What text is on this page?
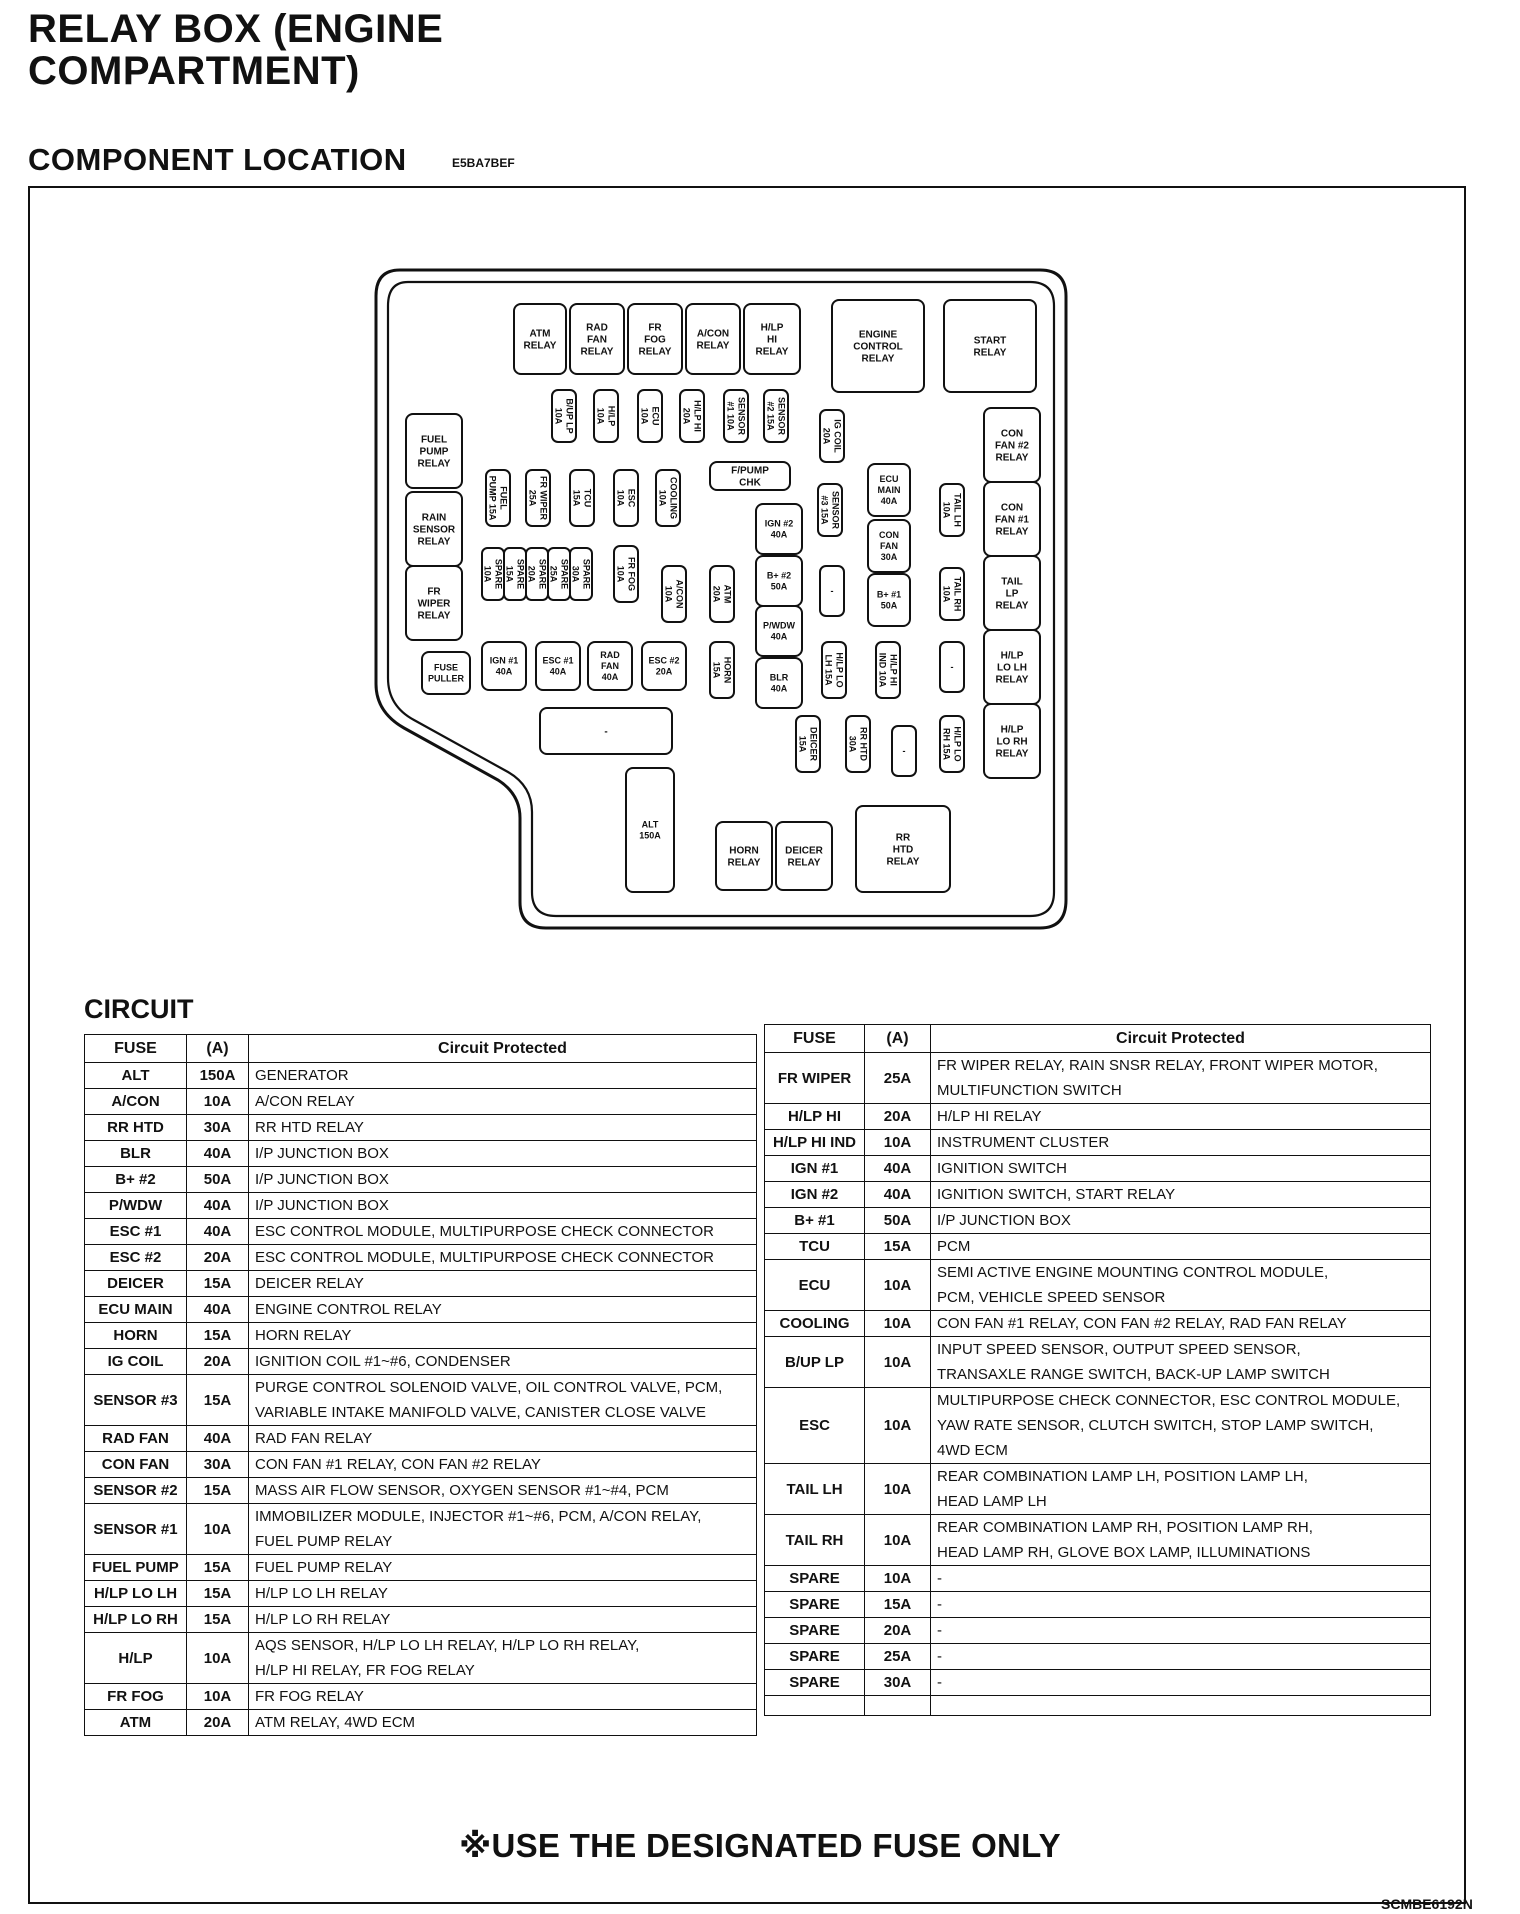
RELAY BOX (ENGINE
COMPARTMENT)
COMPONENT LOCATION	E5BA7BEF
ATM RELAY
RAD FAN RELAY
FR FOG RELAY
A/CON RELAY
H/LP HI RELAY
ENGINE CONTROL RELAY
START RELAY
FUEL PUMP RELAY
RAIN SENSOR RELAY
FR WIPER RELAY
FUSE PULLER
CON FAN #2 RELAY
CON FAN #1 RELAY
TAIL LP RELAY
H/LP LO LH RELAY
H/LP LO RH RELAY
HORN RELAY
DEICER RELAY
RR HTD RELAY
ALT 150A
F/PUMP CHK	ECU MAIN 40A
CON FAN 30A
B+ #1 50A
IGN #2 40A
B+ #2 50A
P/WDW 40A
BLR 40A
IGN #1 40A
ESC #1 40A
RAD FAN 40A
ESC #2 20A
B/UP LP10A	H/LP10A	ECU10A	H/LP HI20A	SENSOR#1 10A	SENSOR#2 15A
IG COIL20A
FUELPUMP 15A	FR WIPER25A	TCU15A	ESC10A	COOLING10A	SENSOR#3 15A	TAIL LH10A
TAIL RH10A
SPARE10A	SPARE15A	SPARE20A	SPARE25A	SPARE30A	FR FOG10A
A/CON10A	ATM20A
HORN15A	H/LP LOLH 15A	H/LP HIIND 10A
H/LP LORH 15A
DEICER15A	RR HTD30A
-
-
-
-
CIRCUIT
FUSE	(A)	Circuit Protected
ALT	150A	GENERATOR
A/CON	10A	A/CON RELAY
RR HTD	30A	RR HTD RELAY
BLR	40A	I/P JUNCTION BOX
B+ #2	50A	I/P JUNCTION BOX
P/WDW	40A	I/P JUNCTION BOX
ESC #1	40A	ESC CONTROL MODULE, MULTIPURPOSE CHECK CONNECTOR
ESC #2	20A	ESC CONTROL MODULE, MULTIPURPOSE CHECK CONNECTOR
DEICER	15A	DEICER RELAY
ECU MAIN	40A	ENGINE CONTROL RELAY
HORN	15A	HORN RELAY
IG COIL	20A	IGNITION COIL #1~#6, CONDENSER
SENSOR #3	15A	PURGE CONTROL SOLENOID VALVE, OIL CONTROL VALVE, PCM,
VARIABLE INTAKE MANIFOLD VALVE, CANISTER CLOSE VALVE
RAD FAN	40A	RAD FAN RELAY
CON FAN	30A	CON FAN #1 RELAY, CON FAN #2 RELAY
SENSOR #2	15A	MASS AIR FLOW SENSOR, OXYGEN SENSOR #1~#4, PCM
SENSOR #1	10A	IMMOBILIZER MODULE, INJECTOR #1~#6, PCM, A/CON RELAY,
FUEL PUMP RELAY
FUEL PUMP	15A	FUEL PUMP RELAY
H/LP LO LH	15A	H/LP LO LH RELAY
H/LP LO RH	15A	H/LP LO RH RELAY
H/LP	10A	AQS SENSOR, H/LP LO LH RELAY, H/LP LO RH RELAY,
H/LP HI RELAY, FR FOG RELAY
FR FOG	10A	FR FOG RELAY
ATM	20A	ATM RELAY, 4WD ECM
FUSE	(A)	Circuit Protected
FR WIPER	25A	FR WIPER RELAY, RAIN SNSR RELAY, FRONT WIPER MOTOR,
MULTIFUNCTION SWITCH
H/LP HI	20A	H/LP HI RELAY
H/LP HI IND	10A	INSTRUMENT CLUSTER
IGN #1	40A	IGNITION SWITCH
IGN #2	40A	IGNITION SWITCH, START RELAY
B+ #1	50A	I/P JUNCTION BOX
TCU	15A	PCM
ECU	10A	SEMI ACTIVE ENGINE MOUNTING CONTROL MODULE,
PCM, VEHICLE SPEED SENSOR
COOLING	10A	CON FAN #1 RELAY, CON FAN #2 RELAY, RAD FAN RELAY
B/UP LP	10A	INPUT SPEED SENSOR, OUTPUT SPEED SENSOR,
TRANSAXLE RANGE SWITCH, BACK-UP LAMP SWITCH
ESC	10A	MULTIPURPOSE CHECK CONNECTOR, ESC CONTROL MODULE,
YAW RATE SENSOR, CLUTCH SWITCH, STOP LAMP SWITCH,
4WD ECM
TAIL LH	10A	REAR COMBINATION LAMP LH, POSITION LAMP LH,
HEAD LAMP LH
TAIL RH	10A	REAR COMBINATION LAMP RH, POSITION LAMP RH,
HEAD LAMP RH, GLOVE BOX LAMP, ILLUMINATIONS
SPARE	10A	-
SPARE	15A	-
SPARE	20A	-
SPARE	25A	-
SPARE	30A	-

※USE THE DESIGNATED FUSE ONLY
SCMBE6192N
